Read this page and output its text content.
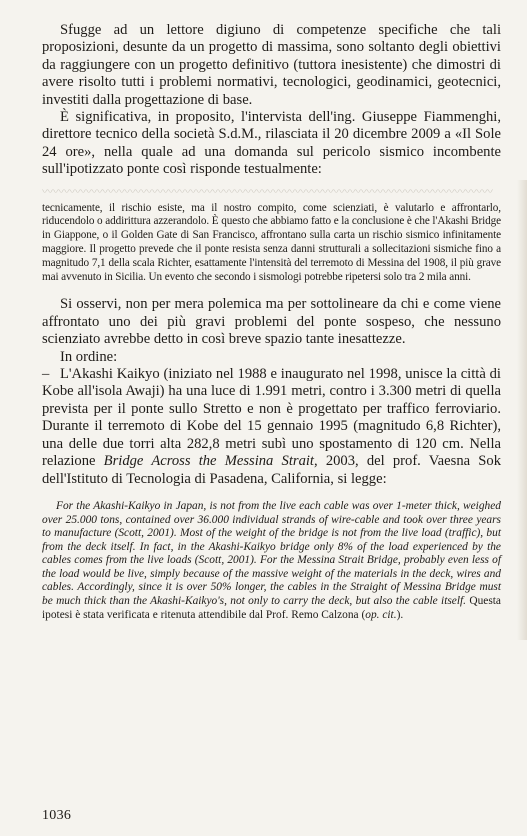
Sfugge ad un lettore digiuno di competenze specifiche che tali proposizioni, desunte da un progetto di massima, sono soltanto degli obiettivi da raggiungere con un progetto definitivo (tuttora inesistente) che dimostri di avere risolto tutti i problemi normativi, tecnologici, geodinamici, geotecnici, investiti dalla progettazione di base.

È significativa, in proposito, l'intervista dell'ing. Giuseppe Fiammenghi, direttore tecnico della società S.d.M., rilasciata il 20 dicembre 2009 a «Il Sole 24 ore», nella quale ad una domanda sul pericolo sismico incombente sull'ipotizzato ponte così risponde testualmente:

〰〰〰〰〰〰〰〰〰〰〰〰〰〰〰〰〰〰〰〰〰〰〰〰〰〰〰〰〰〰〰〰〰〰〰〰〰〰〰〰〰

tecnicamente, il rischio esiste, ma il nostro compito, come scienziati, è valutarlo e affrontarlo, riducendolo o addirittura azzerandolo. È questo che abbiamo fatto e la conclusione è che l'Akashi Bridge in Giappone, o il Golden Gate di San Francisco, affrontano sulla carta un rischio sismico infinitamente maggiore. Il progetto prevede che il ponte resista senza danni strutturali a sollecitazioni sismiche fino a magnitudo 7,1 della scala Richter, esattamente l'intensità del terremoto di Messina del 1908, il più grave mai avvenuto in Sicilia. Un evento che secondo i sismologi potrebbe ripetersi solo tra 2 mila anni.

Si osservi, non per mera polemica ma per sottolineare da chi e come viene affrontato uno dei più gravi problemi del ponte sospeso, che nessuno scienziato avrebbe detto in così breve spazio tante inesattezze.

In ordine:

– L'Akashi Kaikyo (iniziato nel 1988 e inaugurato nel 1998, unisce la città di Kobe all'isola Awaji) ha una luce di 1.991 metri, contro i 3.300 metri di quella prevista per il ponte sullo Stretto e non è progettato per traffico ferroviario. Durante il terremoto di Kobe del 15 gennaio 1995 (magnitudo 6,8 Richter), una delle due torri alta 282,8 metri subì uno spostamento di 120 cm. Nella relazione Bridge Across the Messina Strait, 2003, del prof. Vaesna Sok dell'Istituto di Tecnologia di Pasadena, California, si legge:

For the Akashi-Kaikyo in Japan, is not from the live each cable was over 1-meter thick, weighed over 25.000 tons, contained over 36.000 individual strands of wire-cable and took over three years to manufacture (Scott, 2001). Most of the weight of the bridge is not from the live load (traffic), but from the deck itself. In fact, in the Akashi-Kaikyo bridge only 8% of the load experienced by the cables comes from the live loads (Scott, 2001). For the Messina Strait Bridge, probably even less of the load would be live, simply because of the massive weight of the materials in the deck, wires and cables. Accordingly, since it is over 50% longer, the cables in the Straight of Messina Bridge must be much thick than the Akashi-Kaikyo's, not only to carry the deck, but also the cable itself. Questa ipotesi è stata verificata e ritenuta attendibile dal Prof. Remo Calzona (op. cit.).

1036
